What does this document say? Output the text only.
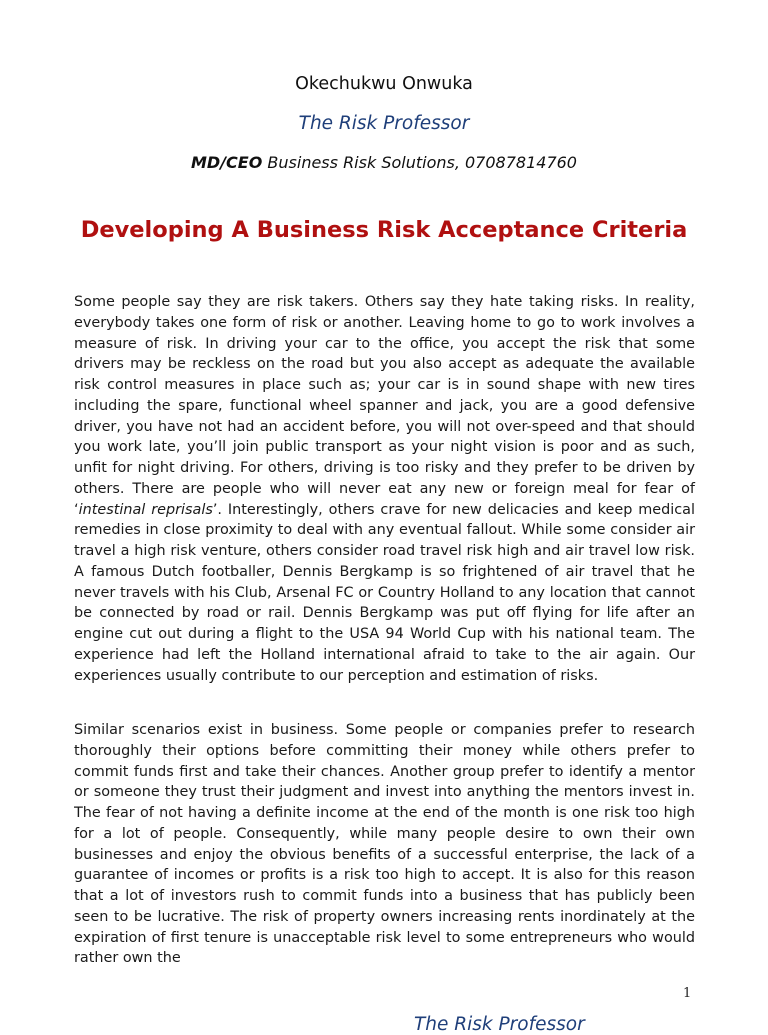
Okechukwu Onwuka
The Risk Professor
MD/CEO Business Risk Solutions, 07087814760
Developing A Business Risk Acceptance Criteria

Some people say they are risk takers. Others say they hate taking risks. In reality, everybody takes one form of risk or another. Leaving home to go to work involves a measure of risk. In driving your car to the office, you accept the risk that some drivers may be reckless on the road but you also accept as adequate the available risk control measures in place such as; your car is in sound shape with new tires including the spare, functional wheel spanner and jack, you are a good defensive driver, you have not had an accident before, you will not over-speed and that should you work late, you’ll join public transport as your night vision is poor and as such, unfit for night driving. For others, driving is too risky and they prefer to be driven by others. There are people who will never eat any new or foreign meal for fear of ‘intestinal reprisals’. Interestingly, others crave for new delicacies and keep medical remedies in close proximity to deal with any eventual fallout. While some consider air travel a high risk venture, others consider road travel risk high and air travel low risk. A famous Dutch footballer, Dennis Bergkamp is so frightened of air travel that he never travels with his Club, Arsenal FC or Country Holland to any location that cannot be connected by road or rail. Dennis Bergkamp was put off flying for life after an engine cut out during a flight to the USA 94 World Cup with his national team. The experience had left the Holland international afraid to take to the air again. Our experiences usually contribute to our perception and estimation of risks.

Similar scenarios exist in business. Some people or companies prefer to research thoroughly their options before committing their money while others prefer to commit funds first and take their chances. Another group prefer to identify a mentor or someone they trust their judgment and invest into anything the mentors invest in. The fear of not having a definite income at the end of the month is one risk too high for a lot of people. Consequently, while many people desire to own their own businesses and enjoy the obvious benefits of a successful enterprise, the lack of a guarantee of incomes or profits is a risk too high to accept. It is also for this reason that a lot of investors rush to commit funds into a business that has publicly been seen to be lucrative. The risk of property owners increasing rents inordinately at the expiration of first tenure is unacceptable risk level to some entrepreneurs who would rather own the

1
The Risk Professor
